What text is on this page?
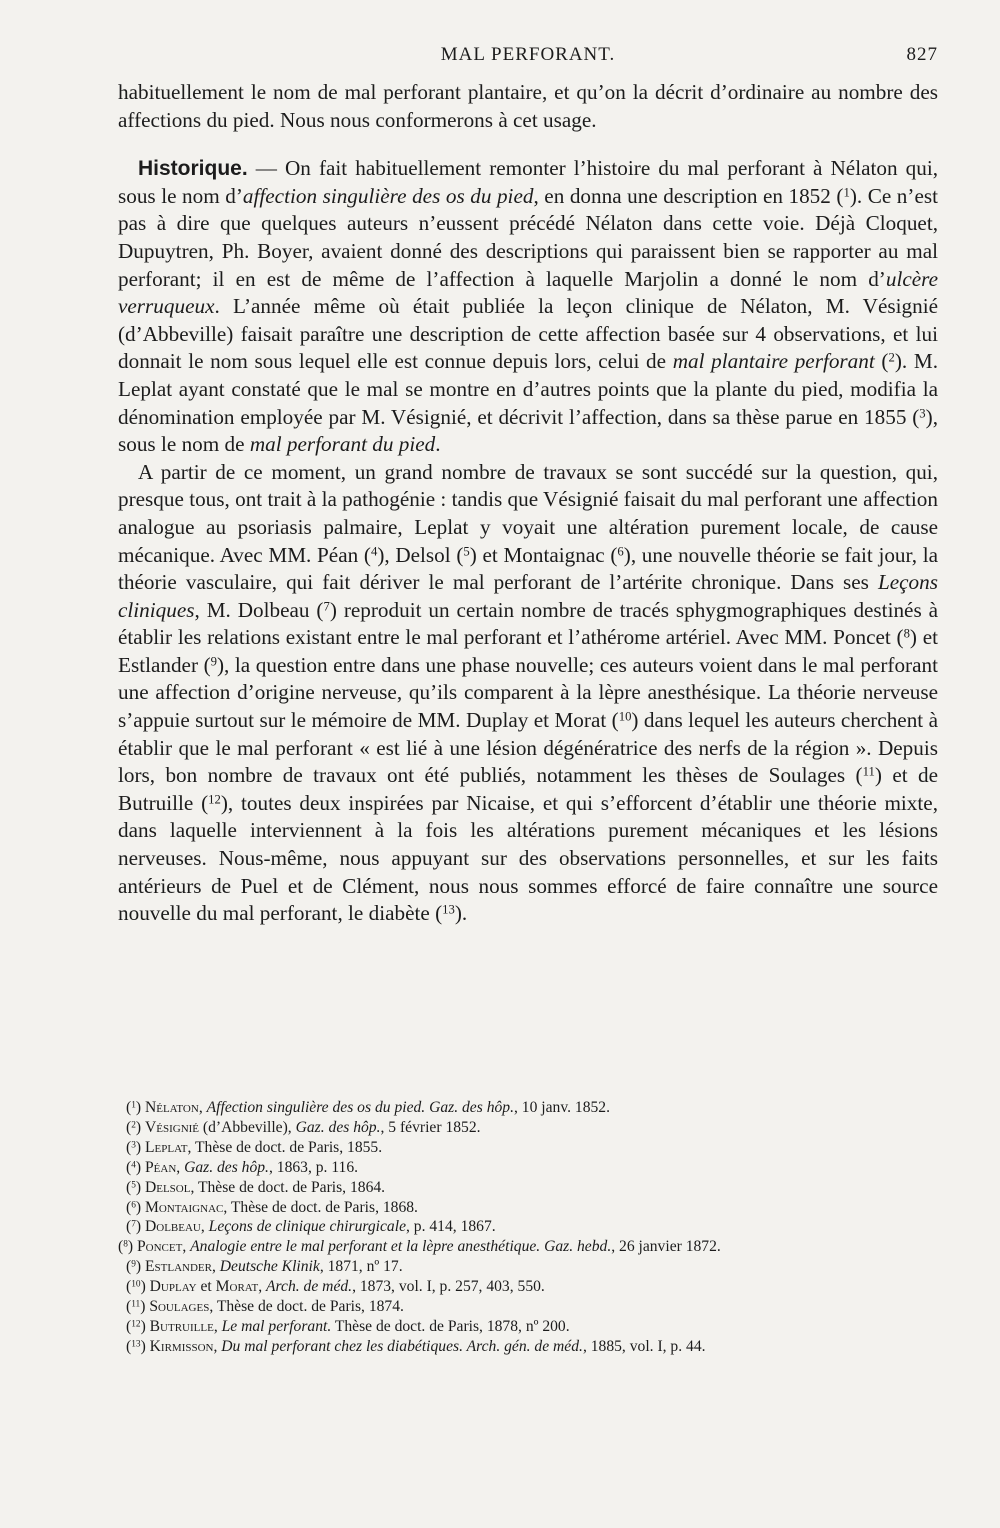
MAL PERFORANT.	827

habituellement le nom de mal perforant plantaire, et qu’on la décrit d’ordinaire au nombre des affections du pied. Nous nous conformerons à cet usage.

Historique. — On fait habituellement remonter l’histoire du mal perforant à Nélaton qui, sous le nom d’affection singulière des os du pied, en donna une description en 1852 ($^1$). Ce n’est pas à dire que quelques auteurs n’eussent précédé Nélaton dans cette voie. Déjà Cloquet, Dupuytren, Ph. Boyer, avaient donné des descriptions qui paraissent bien se rapporter au mal perforant; il en est de même de l’affection à laquelle Marjolin a donné le nom d’ulcère verruqueux. L’année même où était publiée la leçon clinique de Nélaton, M. Vésignié (d’Abbeville) faisait paraître une description de cette affection basée sur 4 observations, et lui donnait le nom sous lequel elle est connue depuis lors, celui de mal plantaire perforant ($^2$). M. Leplat ayant constaté que le mal se montre en d’autres points que la plante du pied, modifia la dénomination employée par M. Vésignié, et décrivit l’affection, dans sa thèse parue en 1855 ($^3$), sous le nom de mal perforant du pied.

A partir de ce moment, un grand nombre de travaux se sont succédé sur la question, qui, presque tous, ont trait à la pathogénie : tandis que Vésignié faisait du mal perforant une affection analogue au psoriasis palmaire, Leplat y voyait une altération purement locale, de cause mécanique. Avec MM. Péan ($^4$), Delsol ($^5$) et Montaignac ($^6$), une nouvelle théorie se fait jour, la théorie vasculaire, qui fait dériver le mal perforant de l’artérite chronique. Dans ses Leçons cliniques, M. Dolbeau ($^7$) reproduit un certain nombre de tracés sphygmographiques destinés à établir les relations existant entre le mal perforant et l’athérome artériel. Avec MM. Poncet ($^8$) et Estlander ($^9$), la question entre dans une phase nouvelle; ces auteurs voient dans le mal perforant une affection d’origine nerveuse, qu’ils comparent à la lèpre anesthésique. La théorie nerveuse s’appuie surtout sur le mémoire de MM. Duplay et Morat ($^{10}$) dans lequel les auteurs cherchent à établir que le mal perforant « est lié à une lésion dégénératrice des nerfs de la région ». Depuis lors, bon nombre de travaux ont été publiés, notamment les thèses de Soulages ($^{11}$) et de Butruille ($^{12}$), toutes deux inspirées par Nicaise, et qui s’efforcent d’établir une théorie mixte, dans laquelle interviennent à la fois les altérations purement mécaniques et les lésions nerveuses. Nous-même, nous appuyant sur des observations personnelles, et sur les faits antérieurs de Puel et de Clément, nous nous sommes efforcé de faire connaître une source nouvelle du mal perforant, le diabète ($^{13}$).

($^1$) Nélaton, Affection singulière des os du pied. Gaz. des hôp., 10 janv. 1852.

($^2$) Vésignié (d’Abbeville), Gaz. des hôp., 5 février 1852.

($^3$) Leplat, Thèse de doct. de Paris, 1855.

($^4$) Péan, Gaz. des hôp., 1863, p. 116.

($^5$) Delsol, Thèse de doct. de Paris, 1864.

($^6$) Montaignac, Thèse de doct. de Paris, 1868.

($^7$) Dolbeau, Leçons de clinique chirurgicale, p. 414, 1867.

($^8$) Poncet, Analogie entre le mal perforant et la lèpre anesthétique. Gaz. hebd., 26 janvier 1872.

($^9$) Estlander, Deutsche Klinik, 1871, nº 17.

($^{10}$) Duplay et Morat, Arch. de méd., 1873, vol. I, p. 257, 403, 550.

($^{11}$) Soulages, Thèse de doct. de Paris, 1874.

($^{12}$) Butruille, Le mal perforant. Thèse de doct. de Paris, 1878, nº 200.

($^{13}$) Kirmisson, Du mal perforant chez les diabétiques. Arch. gén. de méd., 1885, vol. I, p. 44.
